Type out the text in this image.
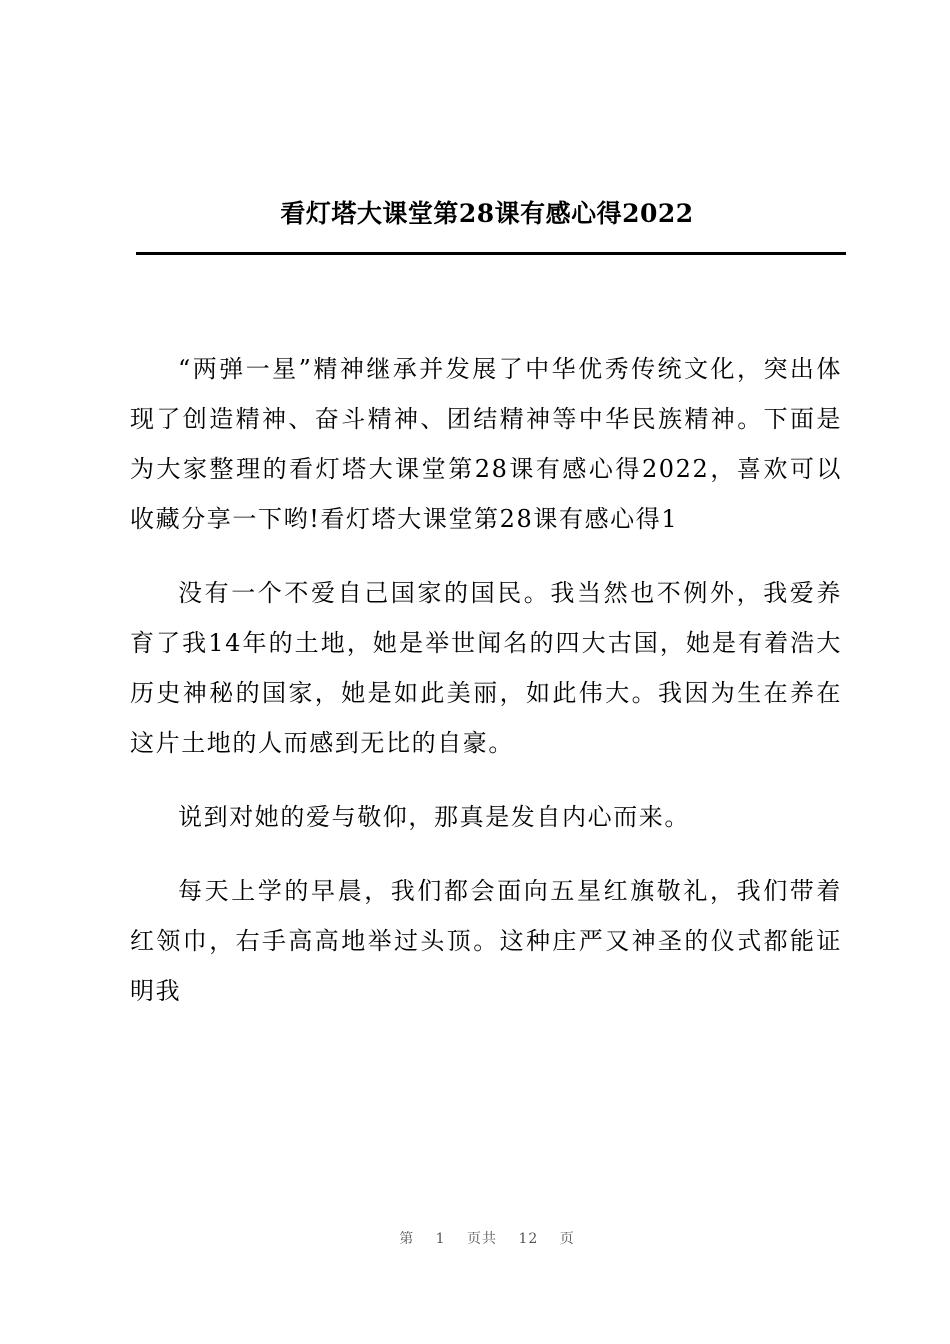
看灯塔大课堂第28课有感心得2022

“两弹一星”精神继承并发展了中华优秀传统文化，突出体现了创造精神、奋斗精神、团结精神等中华民族精神。下面是为大家整理的看灯塔大课堂第28课有感心得2022，喜欢可以收藏分享一下哟!看灯塔大课堂第28课有感心得1

没有一个不爱自己国家的国民。我当然也不例外，我爱养育了我14年的土地，她是举世闻名的四大古国，她是有着浩大历史神秘的国家，她是如此美丽，如此伟大。我因为生在养在这片土地的人而感到无比的自豪。

说到对她的爱与敬仰，那真是发自内心而来。

每天上学的早晨，我们都会面向五星红旗敬礼，我们带着红领巾，右手高高地举过头顶。这种庄严又神圣的仪式都能证明我

第 1 页共 12 页
